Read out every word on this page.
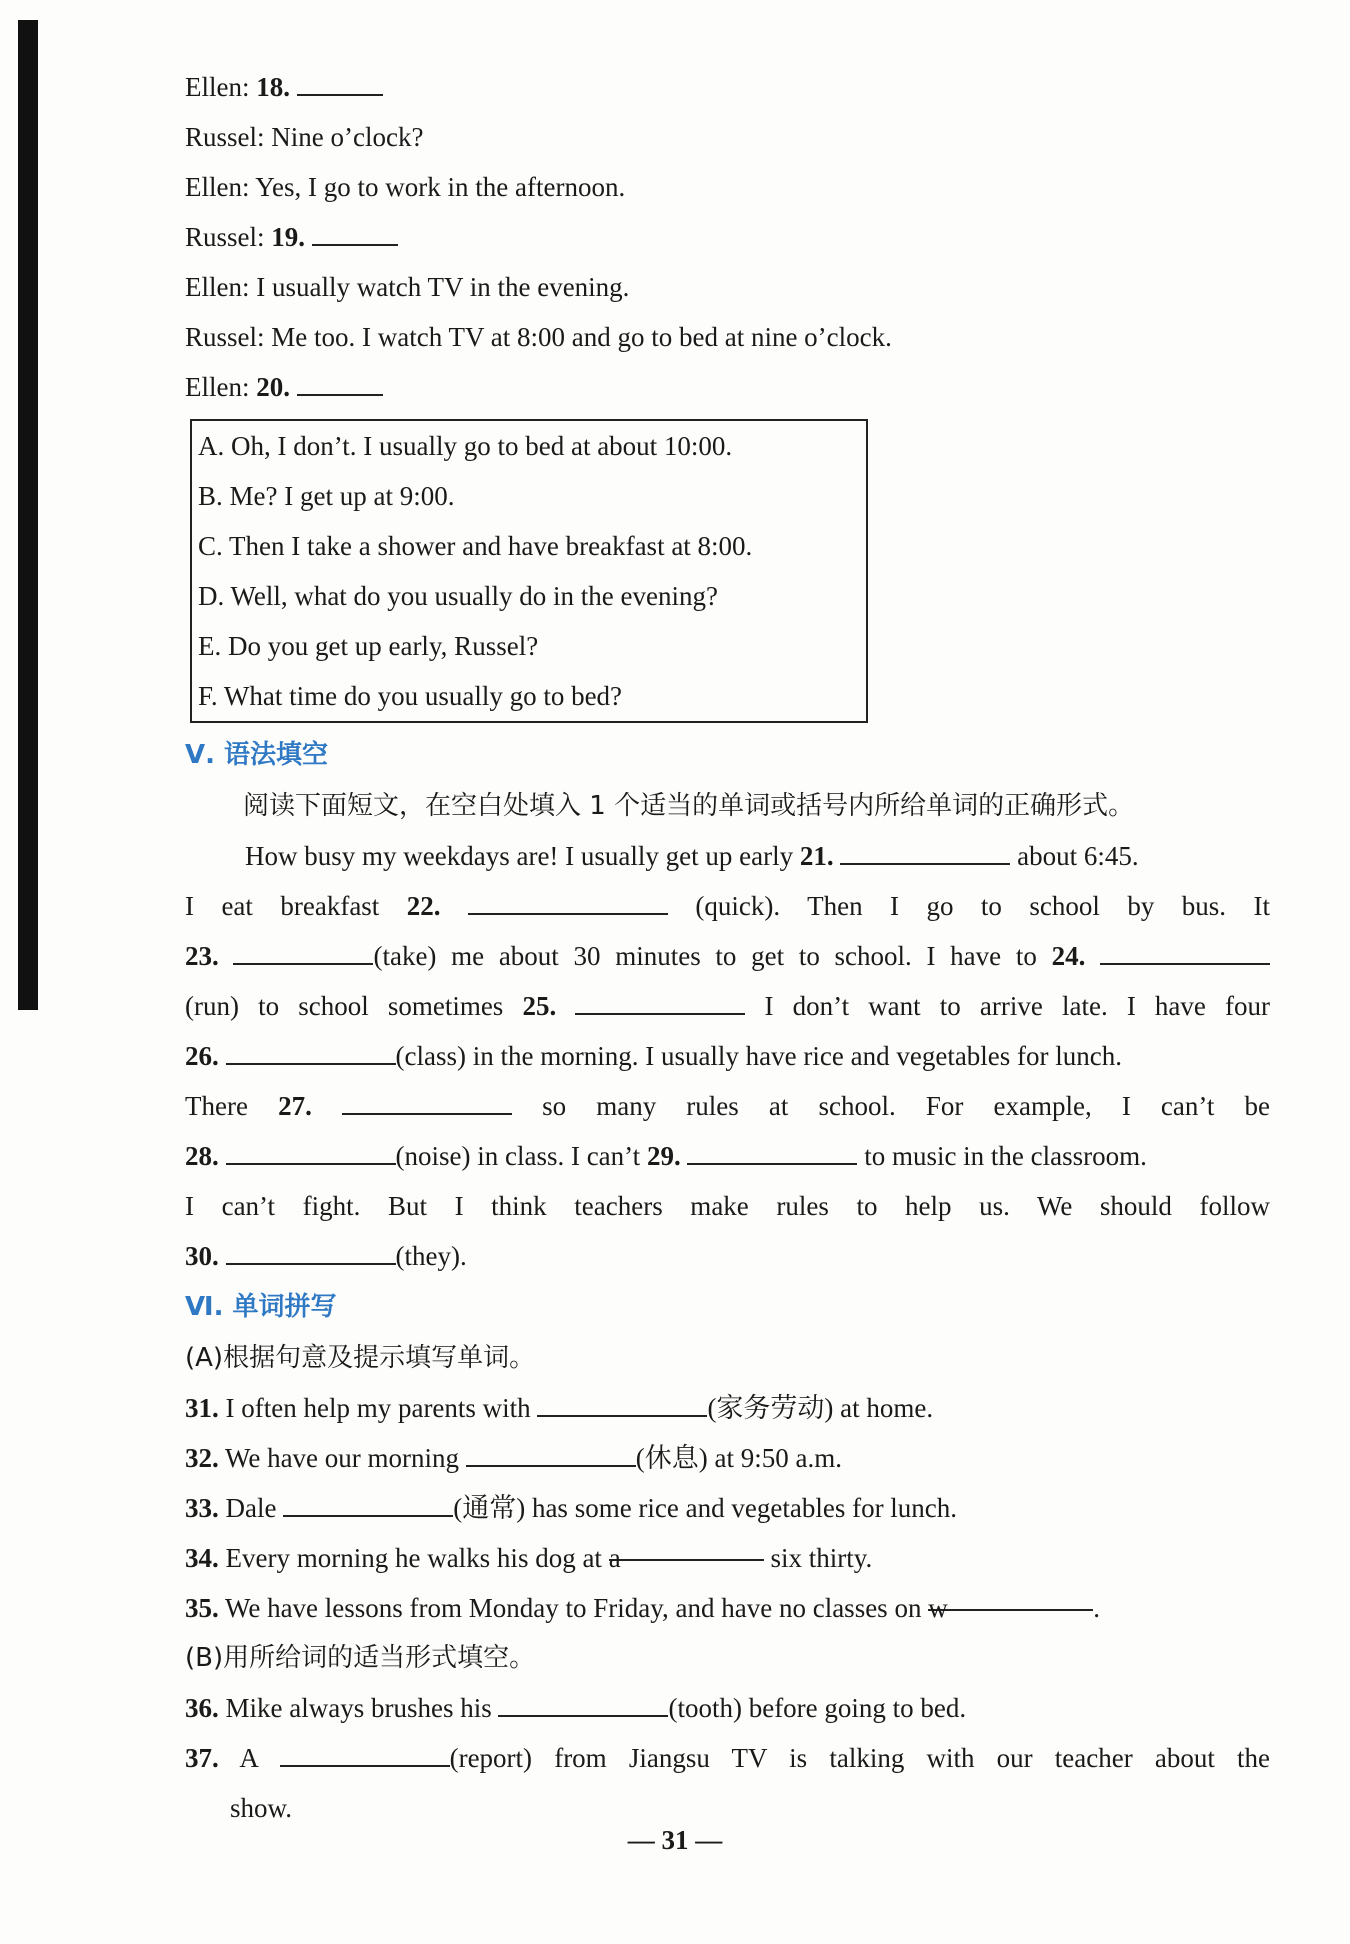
Ellen: 18.
Russel: Nine o’clock?
Ellen: Yes, I go to work in the afternoon.
Russel: 19.
Ellen: I usually watch TV in the evening.
Russel: Me too. I watch TV at 8:00 and go to bed at nine o’clock.
Ellen: 20.
A. Oh, I don’t. I usually go to bed at about 10:00.
B. Me? I get up at 9:00.
C. Then I take a shower and have breakfast at 8:00.
D. Well, what do you usually do in the evening?
E. Do you get up early, Russel?
F. What time do you usually go to bed?
Ⅴ. 语法填空
阅读下面短文，在空白处填入 1 个适当的单词或括号内所给单词的正确形式。
How busy my weekdays are! I usually get up early 21.	about 6:45.
I eat breakfast 22.	(quick). Then I go to school by bus. It
23.	(take) me about 30 minutes to get to school. I have to 24.
(run) to school sometimes 25.	I don’t want to arrive late. I have four
26.	(class) in the morning. I usually have rice and vegetables for lunch.
There 27.	so many rules at school. For example, I can’t be
28.	(noise) in class. I can’t 29.	to music in the classroom.
I can’t fight. But I think teachers make rules to help us. We should follow
30.	(they).
Ⅵ. 单词拼写
(A)根据句意及提示填写单词。
31. I often help my parents with	(家务劳动) at home.
32. We have our morning	(休息) at 9:50 a.m.
33. Dale	(通常) has some rice and vegetables for lunch.
34. Every morning he walks his dog at a	six thirty.
35. We have lessons from Monday to Friday, and have no classes on w	.
(B)用所给词的适当形式填空。
36. Mike always brushes his	(tooth) before going to bed.
37. A	(report) from Jiangsu TV is talking with our teacher about the
show.
— 31 —
